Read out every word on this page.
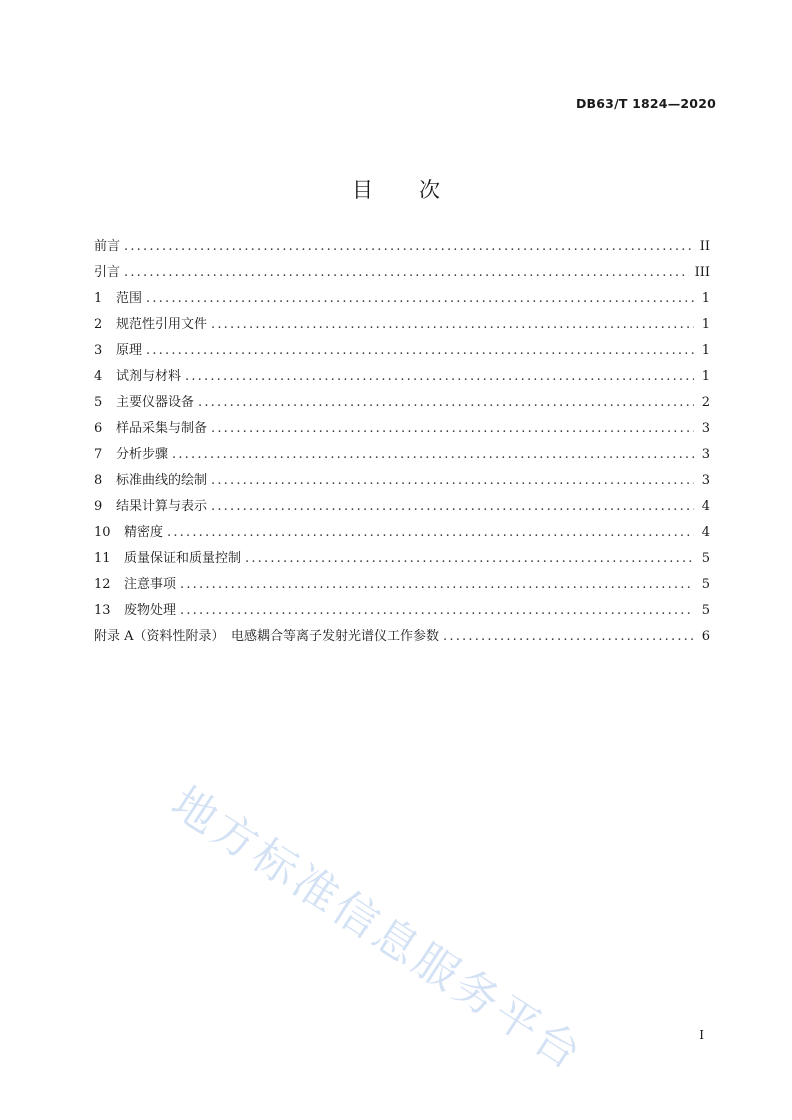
DB63/T 1824—2020
目 次
前言 .....	II
引言 .....	III
1	范围 .....	1
2	规范性引用文件 .....	1
3	原理 .....	1
4	试剂与材料 .....	1
5	主要仪器设备 .....	2
6	样品采集与制备 .....	3
7	分析步骤 .....	3
8	标准曲线的绘制 .....	3
9	结果计算与表示 .....	4
10	精密度 .....	4
11	质量保证和质量控制 .....	5
12	注意事项 .....	5
13	废物处理 .....	5
附录 A（资料性附录）　电感耦合等离子发射光谱仪工作参数 .....	6
地方标准信息服务平台	I
